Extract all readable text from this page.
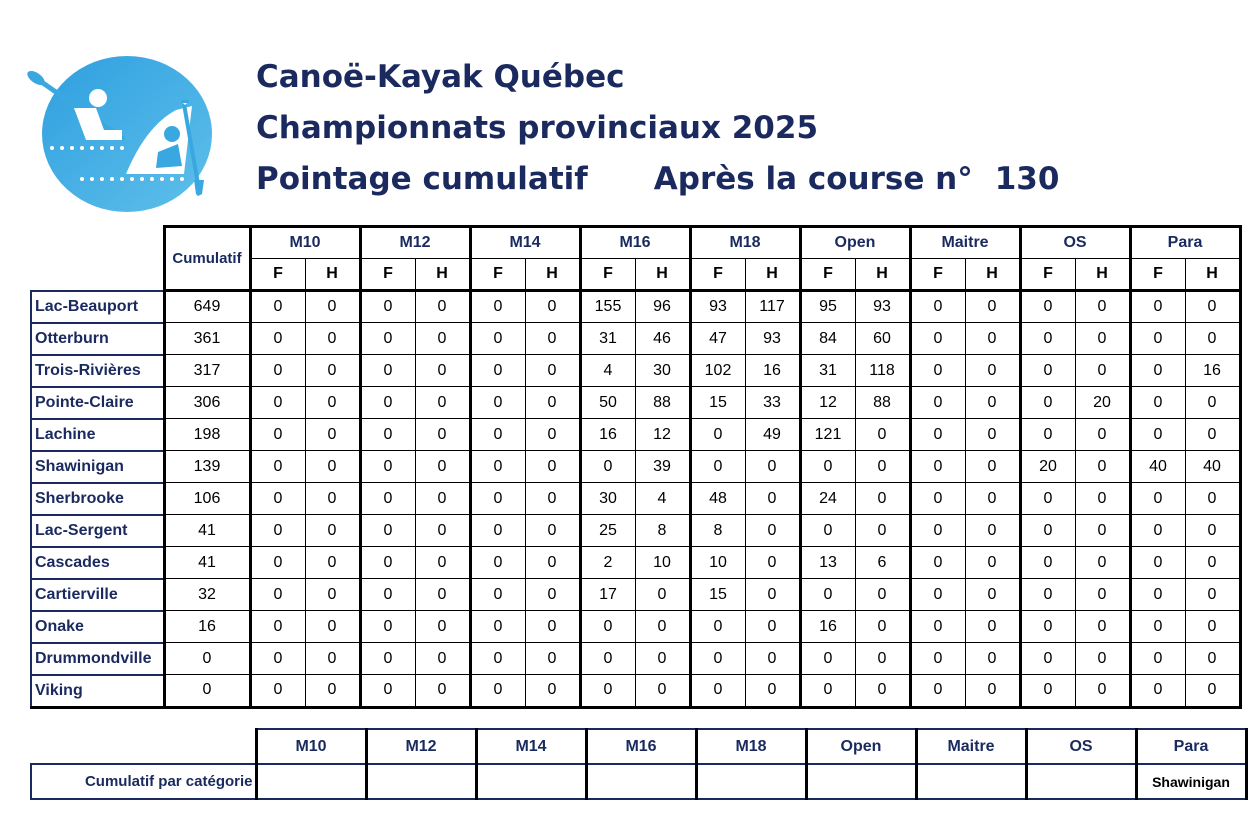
Canoë-Kayak Québec
Championnats provinciaux 2025
Pointage cumulatif Après la course n° 130
	Cumulatif	M10		M12		M14		M16		M18		Open		Maitre		OS		Para	
		F	H	F	H	F	H	F	H	F	H	F	H	F	H	F	H	F	H
Lac-Beauport	649	0	0	0	0	0	0	155	96	93	117	95	93	0	0	0	0	0	0
Otterburn	361	0	0	0	0	0	0	31	46	47	93	84	60	0	0	0	0	0	0
Trois-Rivières	317	0	0	0	0	0	0	4	30	102	16	31	118	0	0	0	0	0	16
Pointe-Claire	306	0	0	0	0	0	0	50	88	15	33	12	88	0	0	0	20	0	0
Lachine	198	0	0	0	0	0	0	16	12	0	49	121	0	0	0	0	0	0	0
Shawinigan	139	0	0	0	0	0	0	0	39	0	0	0	0	0	0	20	0	40	40
Sherbrooke	106	0	0	0	0	0	0	30	4	48	0	24	0	0	0	0	0	0	0
Lac-Sergent	41	0	0	0	0	0	0	25	8	8	0	0	0	0	0	0	0	0	0
Cascades	41	0	0	0	0	0	0	2	10	10	0	13	6	0	0	0	0	0	0
Cartierville	32	0	0	0	0	0	0	17	0	15	0	0	0	0	0	0	0	0	0
Onake	16	0	0	0	0	0	0	0	0	0	0	16	0	0	0	0	0	0	0
Drummondville	0	0	0	0	0	0	0	0	0	0	0	0	0	0	0	0	0	0	0
Viking	0	0	0	0	0	0	0	0	0	0	0	0	0	0	0	0	0	0	0
	M10	M12	M14	M16	M18	Open	Maitre	OS	Para
Cumulatif par catégorie									Shawinigan
